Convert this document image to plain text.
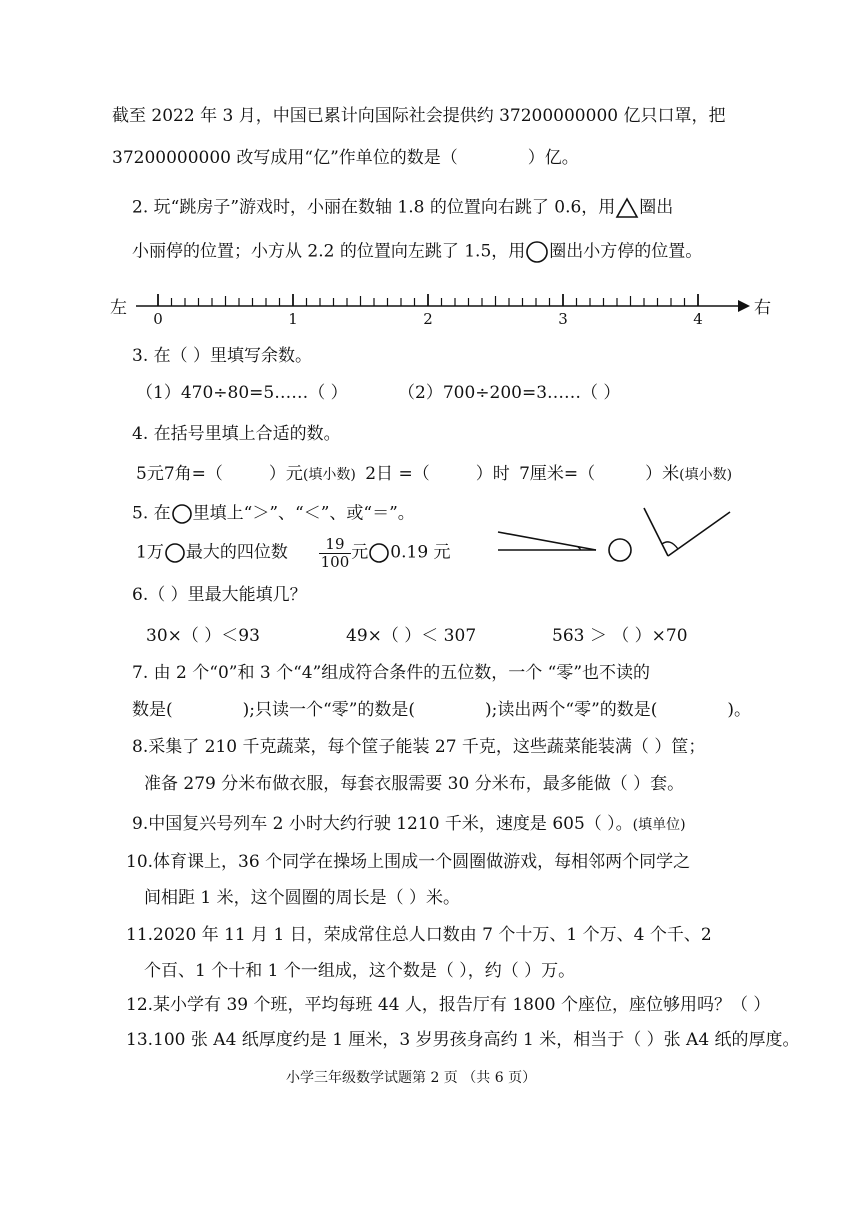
截至 2022 年 3 月，中国已累计向国际社会提供约 37200000000 亿只口罩，把
37200000000 改写成用“亿”作单位的数是（	）亿。
2. 玩“跳房子”游戏时，小丽在数轴 1.8 的位置向右跳了 0.6，用 圈出
小丽停的位置；小方从 2.2 的位置向左跳了 1.5，用 圈出小方停的位置。
左
0	1	2	3	4
右
3. 在（ ）里填写余数。
（1）470÷80=5……（ ）	（2）700÷200=3……（ ）
4. 在括号里填上合适的数。
5元7角=（	）元(填小数) 2日 =（	）时 7厘米=（	）米(填小数)
5. 在 里填上“＞”、“＜”、或“＝”。
1万 最大的四位数 $\frac{19}{100}$ 元 0.19 元
6.（ ）里最大能填几？
30×（ ）＜93	49×（ ）＜ 307	563 ＞ （ ）×70
7. 由 2 个“0”和 3 个“4”组成符合条件的五位数，一个 “零”也不读的
数是(	);只读一个“零”的数是(	);读出两个“零”的数是(	)。
8.采集了 210 千克蔬菜，每个筐子能装 27 千克，这些蔬菜能装满（ ）筐；
准备 279 分米布做衣服，每套衣服需要 30 分米布，最多能做（ ）套。
9.中国复兴号列车 2 小时大约行驶 1210 千米，速度是 605（ ）。(填单位)
10.体育课上，36 个同学在操场上围成一个圆圈做游戏，每相邻两个同学之
间相距 1 米，这个圆圈的周长是（ ）米。
11.2020 年 11 月 1 日，荣成常住总人口数由 7 个十万、1 个万、4 个千、2
个百、1 个十和 1 个一组成，这个数是（ ），约（ ）万。
12.某小学有 39 个班，平均每班 44 人，报告厅有 1800 个座位，座位够用吗？（ ）
13.100 张 A4 纸厚度约是 1 厘米，3 岁男孩身高约 1 米，相当于（ ）张 A4 纸的厚度。
小学三年级数学试题第 2 页 （共 6 页）
